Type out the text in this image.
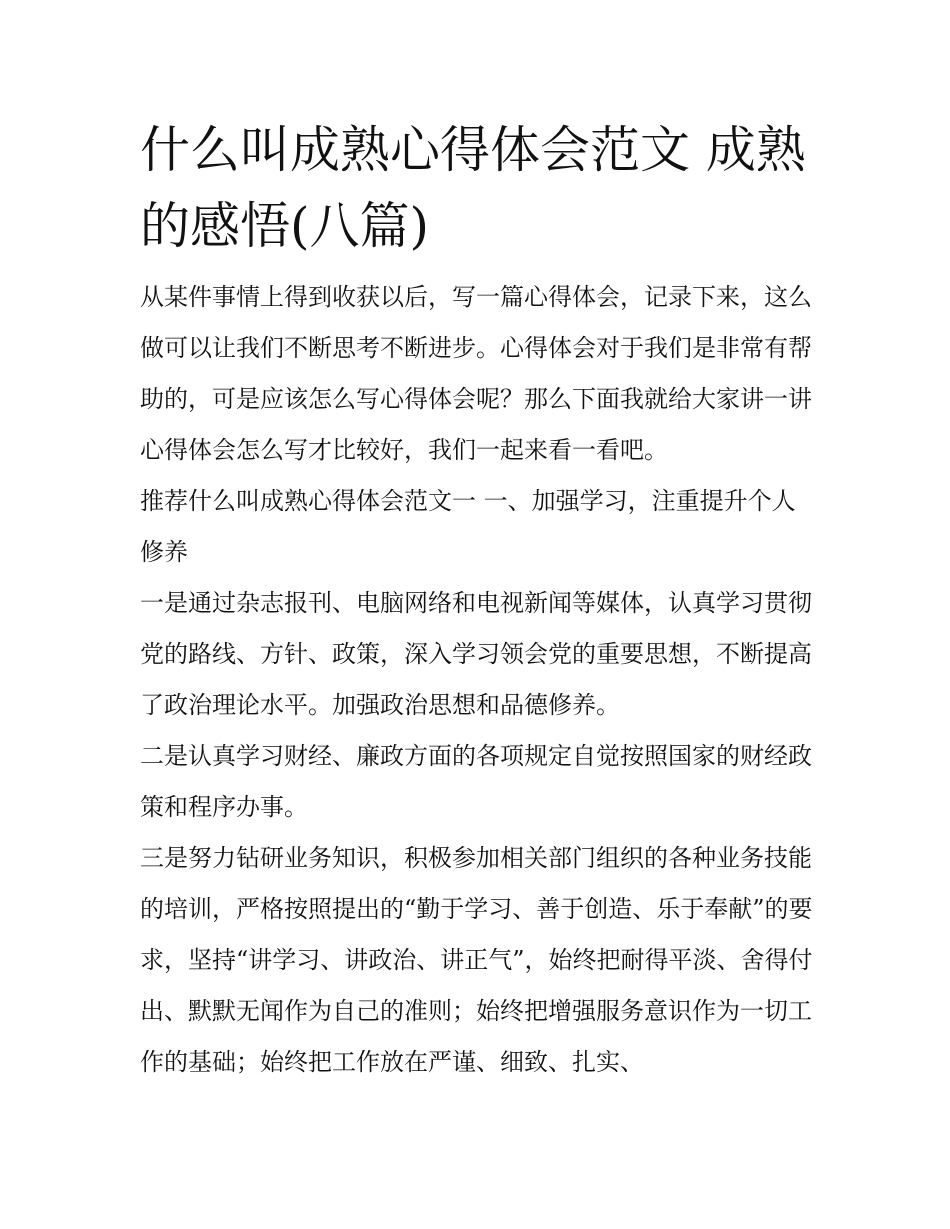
什么叫成熟心得体会范文 成熟的感悟(八篇)

从某件事情上得到收获以后，写一篇心得体会，记录下来，这么做可以让我们不断思考不断进步。心得体会对于我们是非常有帮助的，可是应该怎么写心得体会呢？那么下面我就给大家讲一讲心得体会怎么写才比较好，我们一起来看一看吧。

推荐什么叫成熟心得体会范文一 一、加强学习，注重提升个人修养

一是通过杂志报刊、电脑网络和电视新闻等媒体，认真学习贯彻党的路线、方针、政策，深入学习领会党的重要思想，不断提高了政治理论水平。加强政治思想和品德修养。

二是认真学习财经、廉政方面的各项规定自觉按照国家的财经政策和程序办事。

三是努力钻研业务知识，积极参加相关部门组织的各种业务技能的培训，严格按照提出的“勤于学习、善于创造、乐于奉献”的要求，坚持“讲学习、讲政治、讲正气”，始终把耐得平淡、舍得付出、默默无闻作为自己的准则；始终把增强服务意识作为一切工作的基础；始终把工作放在严谨、细致、扎实、
